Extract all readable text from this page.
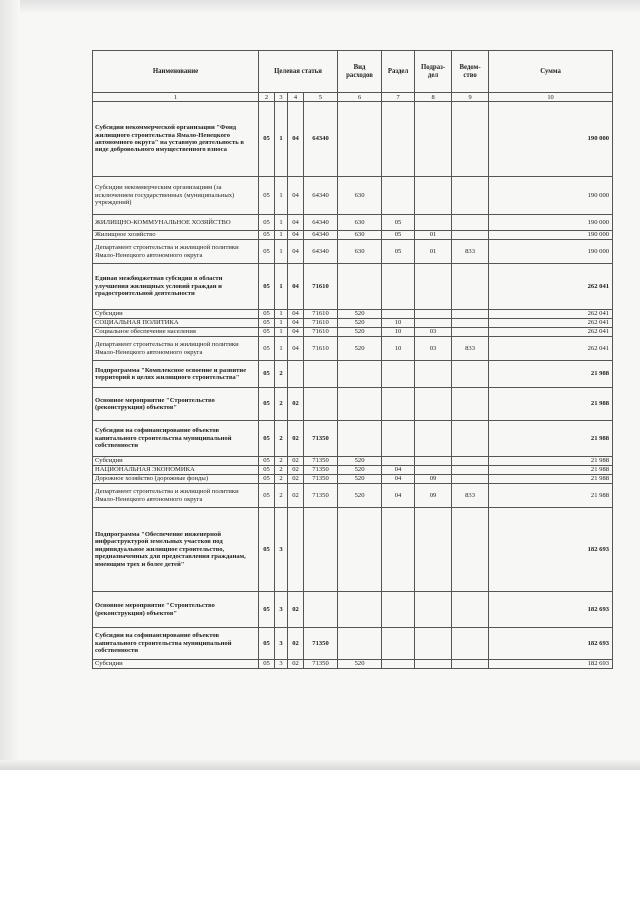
Наименование	Целевая статья				Вид расходов	Раздел	Подраз-дел	Ведом-ство	Сумма
1	2	3	4	5	6	7	8	9	10
Субсидии некоммерческой организации "Фонд жилищного строительства Ямало-Ненецкого автономного округа" на уставную деятельность в виде добровольного имущественного взноса	05	1	04	64340					190 000
Субсидии некоммерческим организациям (за исключением государственных (муниципальных) учреждений)	05	1	04	64340	630				190 000
ЖИЛИЩНО-КОММУНАЛЬНОЕ ХОЗЯЙСТВО	05	1	04	64340	630	05			190 000
Жилищное хозяйство	05	1	04	64340	630	05	01		190 000
Департамент строительства и жилищной политики Ямало-Ненецкого автономного округа	05	1	04	64340	630	05	01	833	190 000
Единая межбюджетная субсидия в области улучшения жилищных условий граждан и градостроительной деятельности	05	1	04	71610					262 041
Субсидии	05	1	04	71610	520				262 041
СОЦИАЛЬНАЯ ПОЛИТИКА	05	1	04	71610	520	10			262 041
Социальное обеспечение населения	05	1	04	71610	520	10	03		262 041
Департамент строительства и жилищной политики Ямало-Ненецкого автономного округа	05	1	04	71610	520	10	03	833	262 041
Подпрограмма "Комплексное освоение и развитие территорий в целях жилищного строительства"	05	2							21 988
Основное мероприятие "Строительство (реконструкция) объектов"	05	2	02						21 988
Субсидии на софинансирование объектов капитального строительства муниципальной собственности	05	2	02	71350					21 988
Субсидии	05	2	02	71350	520				21 988
НАЦИОНАЛЬНАЯ ЭКОНОМИКА	05	2	02	71350	520	04			21 988
Дорожное хозяйство (дорожные фонды)	05	2	02	71350	520	04	09		21 988
Департамент строительства и жилищной политики Ямало-Ненецкого автономного округа	05	2	02	71350	520	04	09	833	21 988
Подпрограмма "Обеспечение инженерной инфраструктурой земельных участков под индивидуальное жилищное строительство, предназначенных для предоставления гражданам, имеющим трех и более детей"	05	3							182 693
Основное мероприятие "Строительство (реконструкция) объектов"	05	3	02						182 693
Субсидии на софинансирование объектов капитального строительства муниципальной собственности	05	3	02	71350					182 693
Субсидии	05	3	02	71350	520				182 693
